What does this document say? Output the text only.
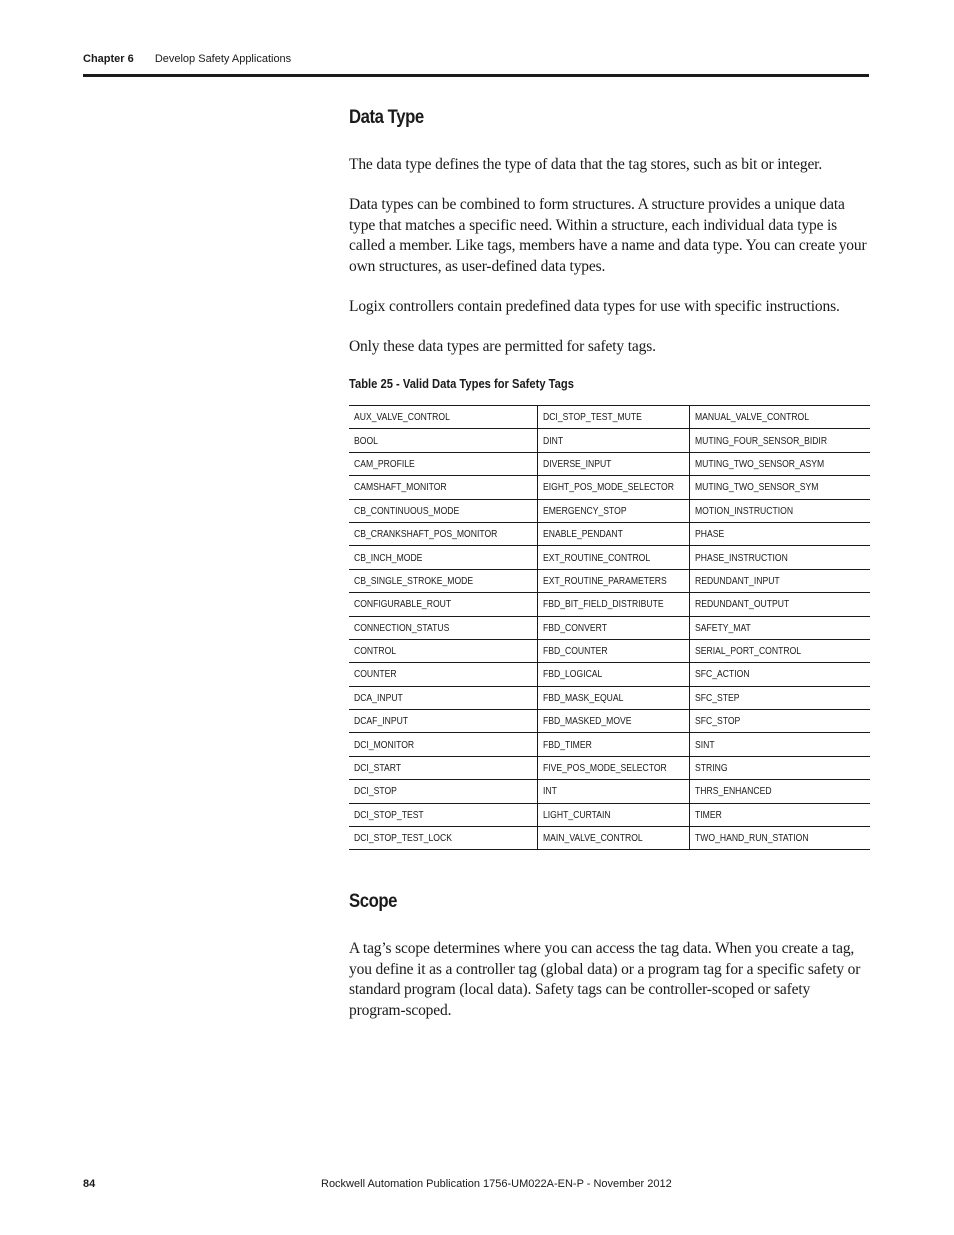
Chapter 6 Develop Safety Applications
Data Type

The data type defines the type of data that the tag stores, such as bit or integer.

Data types can be combined to form structures. A structure provides a unique data type that matches a specific need. Within a structure, each individual data type is called a member. Like tags, members have a name and data type. You can create your own structures, as user-defined data types.

Logix controllers contain predefined data types for use with specific instructions.

Only these data types are permitted for safety tags.

Table 25 - Valid Data Types for Safety Tags
AUX_VALVE_CONTROL	DCI_STOP_TEST_MUTE	MANUAL_VALVE_CONTROL
BOOL	DINT	MUTING_FOUR_SENSOR_BIDIR
CAM_PROFILE	DIVERSE_INPUT	MUTING_TWO_SENSOR_ASYM
CAMSHAFT_MONITOR	EIGHT_POS_MODE_SELECTOR	MUTING_TWO_SENSOR_SYM
CB_CONTINUOUS_MODE	EMERGENCY_STOP	MOTION_INSTRUCTION
CB_CRANKSHAFT_POS_MONITOR	ENABLE_PENDANT	PHASE
CB_INCH_MODE	EXT_ROUTINE_CONTROL	PHASE_INSTRUCTION
CB_SINGLE_STROKE_MODE	EXT_ROUTINE_PARAMETERS	REDUNDANT_INPUT
CONFIGURABLE_ROUT	FBD_BIT_FIELD_DISTRIBUTE	REDUNDANT_OUTPUT
CONNECTION_STATUS	FBD_CONVERT	SAFETY_MAT
CONTROL	FBD_COUNTER	SERIAL_PORT_CONTROL
COUNTER	FBD_LOGICAL	SFC_ACTION
DCA_INPUT	FBD_MASK_EQUAL	SFC_STEP
DCAF_INPUT	FBD_MASKED_MOVE	SFC_STOP
DCI_MONITOR	FBD_TIMER	SINT
DCI_START	FIVE_POS_MODE_SELECTOR	STRING
DCI_STOP	INT	THRS_ENHANCED
DCI_STOP_TEST	LIGHT_CURTAIN	TIMER
DCI_STOP_TEST_LOCK	MAIN_VALVE_CONTROL	TWO_HAND_RUN_STATION
Scope

A tag’s scope determines where you can access the tag data. When you create a tag, you define it as a controller tag (global data) or a program tag for a specific safety or standard program (local data). Safety tags can be controller-scoped or safety program-scoped.

84	Rockwell Automation Publication 1756-UM022A-EN-P - November 2012
